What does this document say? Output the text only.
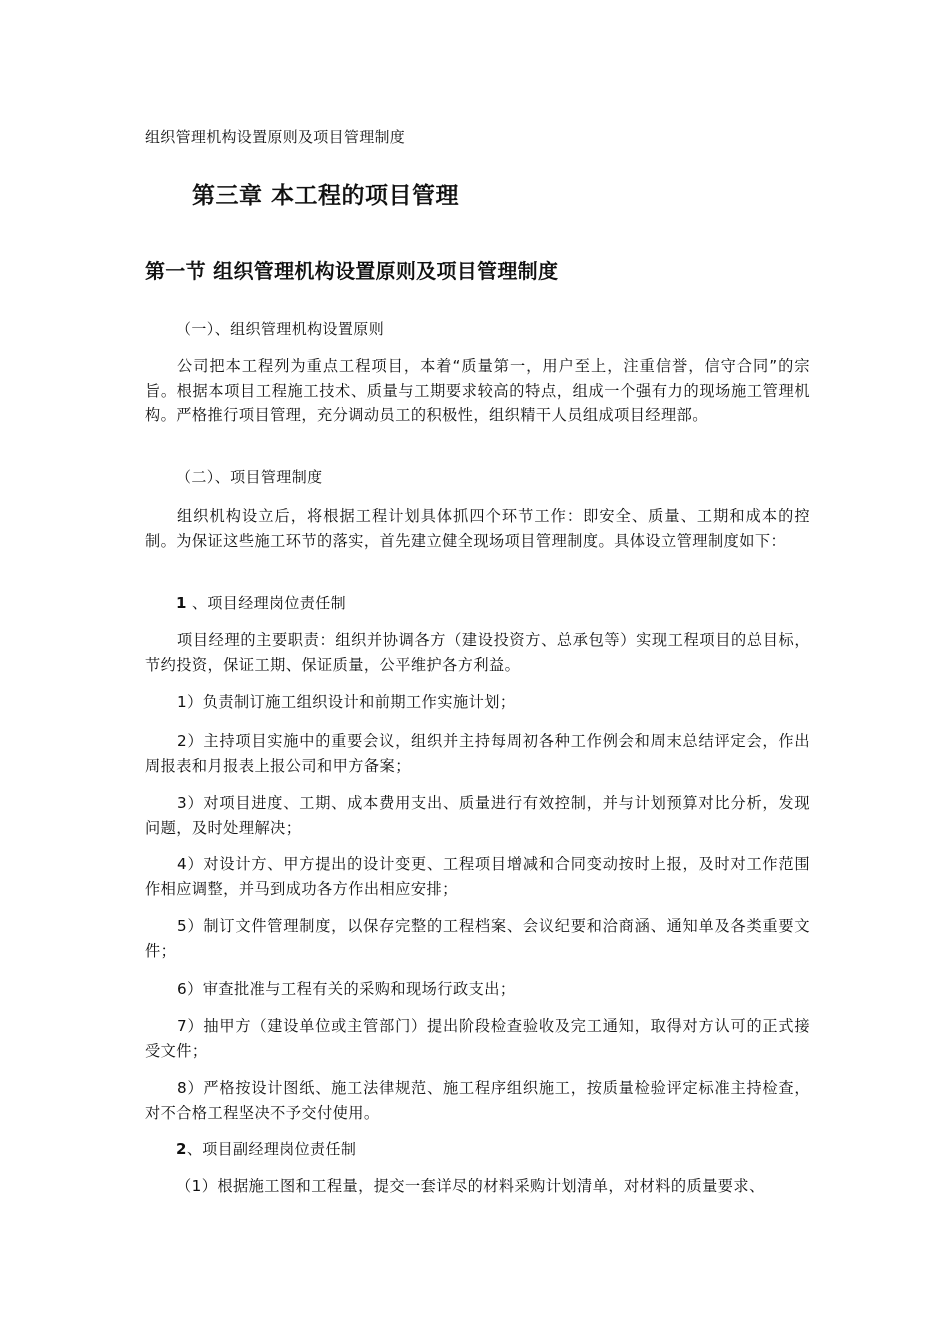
组织管理机构设置原则及项目管理制度
第三章 本工程的项目管理
第一节 组织管理机构设置原则及项目管理制度
（一）、组织管理机构设置原则
公司把本工程列为重点工程项目，本着“质量第一，用户至上，注重信誉，信守合同”的宗旨。根据本项目工程施工技术、质量与工期要求较高的特点，组成一个强有力的现场施工管理机构。严格推行项目管理，充分调动员工的积极性，组织精干人员组成项目经理部。
（二）、项目管理制度
组织机构设立后，将根据工程计划具体抓四个环节工作：即安全、质量、工期和成本的控制。为保证这些施工环节的落实，首先建立健全现场项目管理制度。具体设立管理制度如下：
1 、项目经理岗位责任制
项目经理的主要职责：组织并协调各方（建设投资方、总承包等）实现工程项目的总目标，节约投资，保证工期、保证质量，公平维护各方利益。
1）负责制订施工组织设计和前期工作实施计划；
2）主持项目实施中的重要会议，组织并主持每周初各种工作例会和周末总结评定会，作出周报表和月报表上报公司和甲方备案；
3）对项目进度、工期、成本费用支出、质量进行有效控制，并与计划预算对比分析，发现问题，及时处理解决；
4）对设计方、甲方提出的设计变更、工程项目增减和合同变动按时上报，及时对工作范围作相应调整，并马到成功各方作出相应安排；
5）制订文件管理制度，以保存完整的工程档案、会议纪要和洽商涵、通知单及各类重要文件；
6）审查批准与工程有关的采购和现场行政支出；
7）抽甲方（建设单位或主管部门）提出阶段检查验收及完工通知，取得对方认可的正式接受文件；
8）严格按设计图纸、施工法律规范、施工程序组织施工，按质量检验评定标准主持检查，对不合格工程坚决不予交付使用。
2、项目副经理岗位责任制
（1）根据施工图和工程量，提交一套详尽的材料采购计划清单，对材料的质量要求、
